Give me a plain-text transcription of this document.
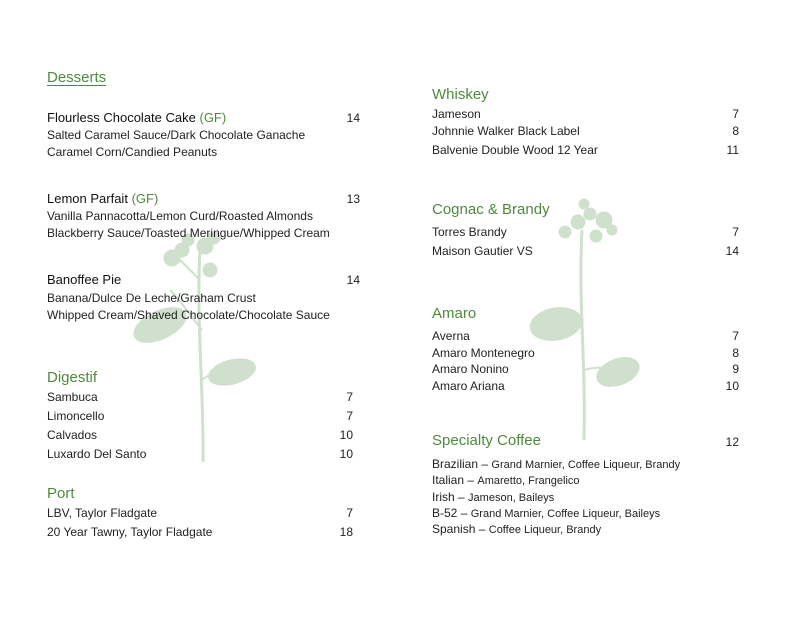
Desserts
Flourless Chocolate Cake (GF)	14
Salted Caramel Sauce/Dark Chocolate Ganache
Caramel Corn/Candied Peanuts
Lemon Parfait (GF)	13
Vanilla Pannacotta/Lemon Curd/Roasted Almonds
Blackberry Sauce/Toasted Meringue/Whipped Cream
Banoffee Pie	14
Banana/Dulce De Leche/Graham Crust
Whipped Cream/Shaved Chocolate/Chocolate Sauce
Digestif
Sambuca	7
Limoncello	7
Calvados	10
Luxardo Del Santo	10
Port
LBV, Taylor Fladgate	7
20 Year Tawny, Taylor Fladgate	18
Whiskey
Jameson	7
Johnnie Walker Black Label	8
Balvenie Double Wood 12 Year	11
Cognac & Brandy
Torres Brandy	7
Maison Gautier VS	14
Amaro
Averna	7
Amaro Montenegro	8
Amaro Nonino	9
Amaro Ariana	10
Specialty Coffee	12
Brazilian – Grand Marnier, Coffee Liqueur, Brandy
Italian – Amaretto, Frangelico
Irish – Jameson, Baileys
B-52 – Grand Marnier, Coffee Liqueur, Baileys
Spanish – Coffee Liqueur, Brandy
